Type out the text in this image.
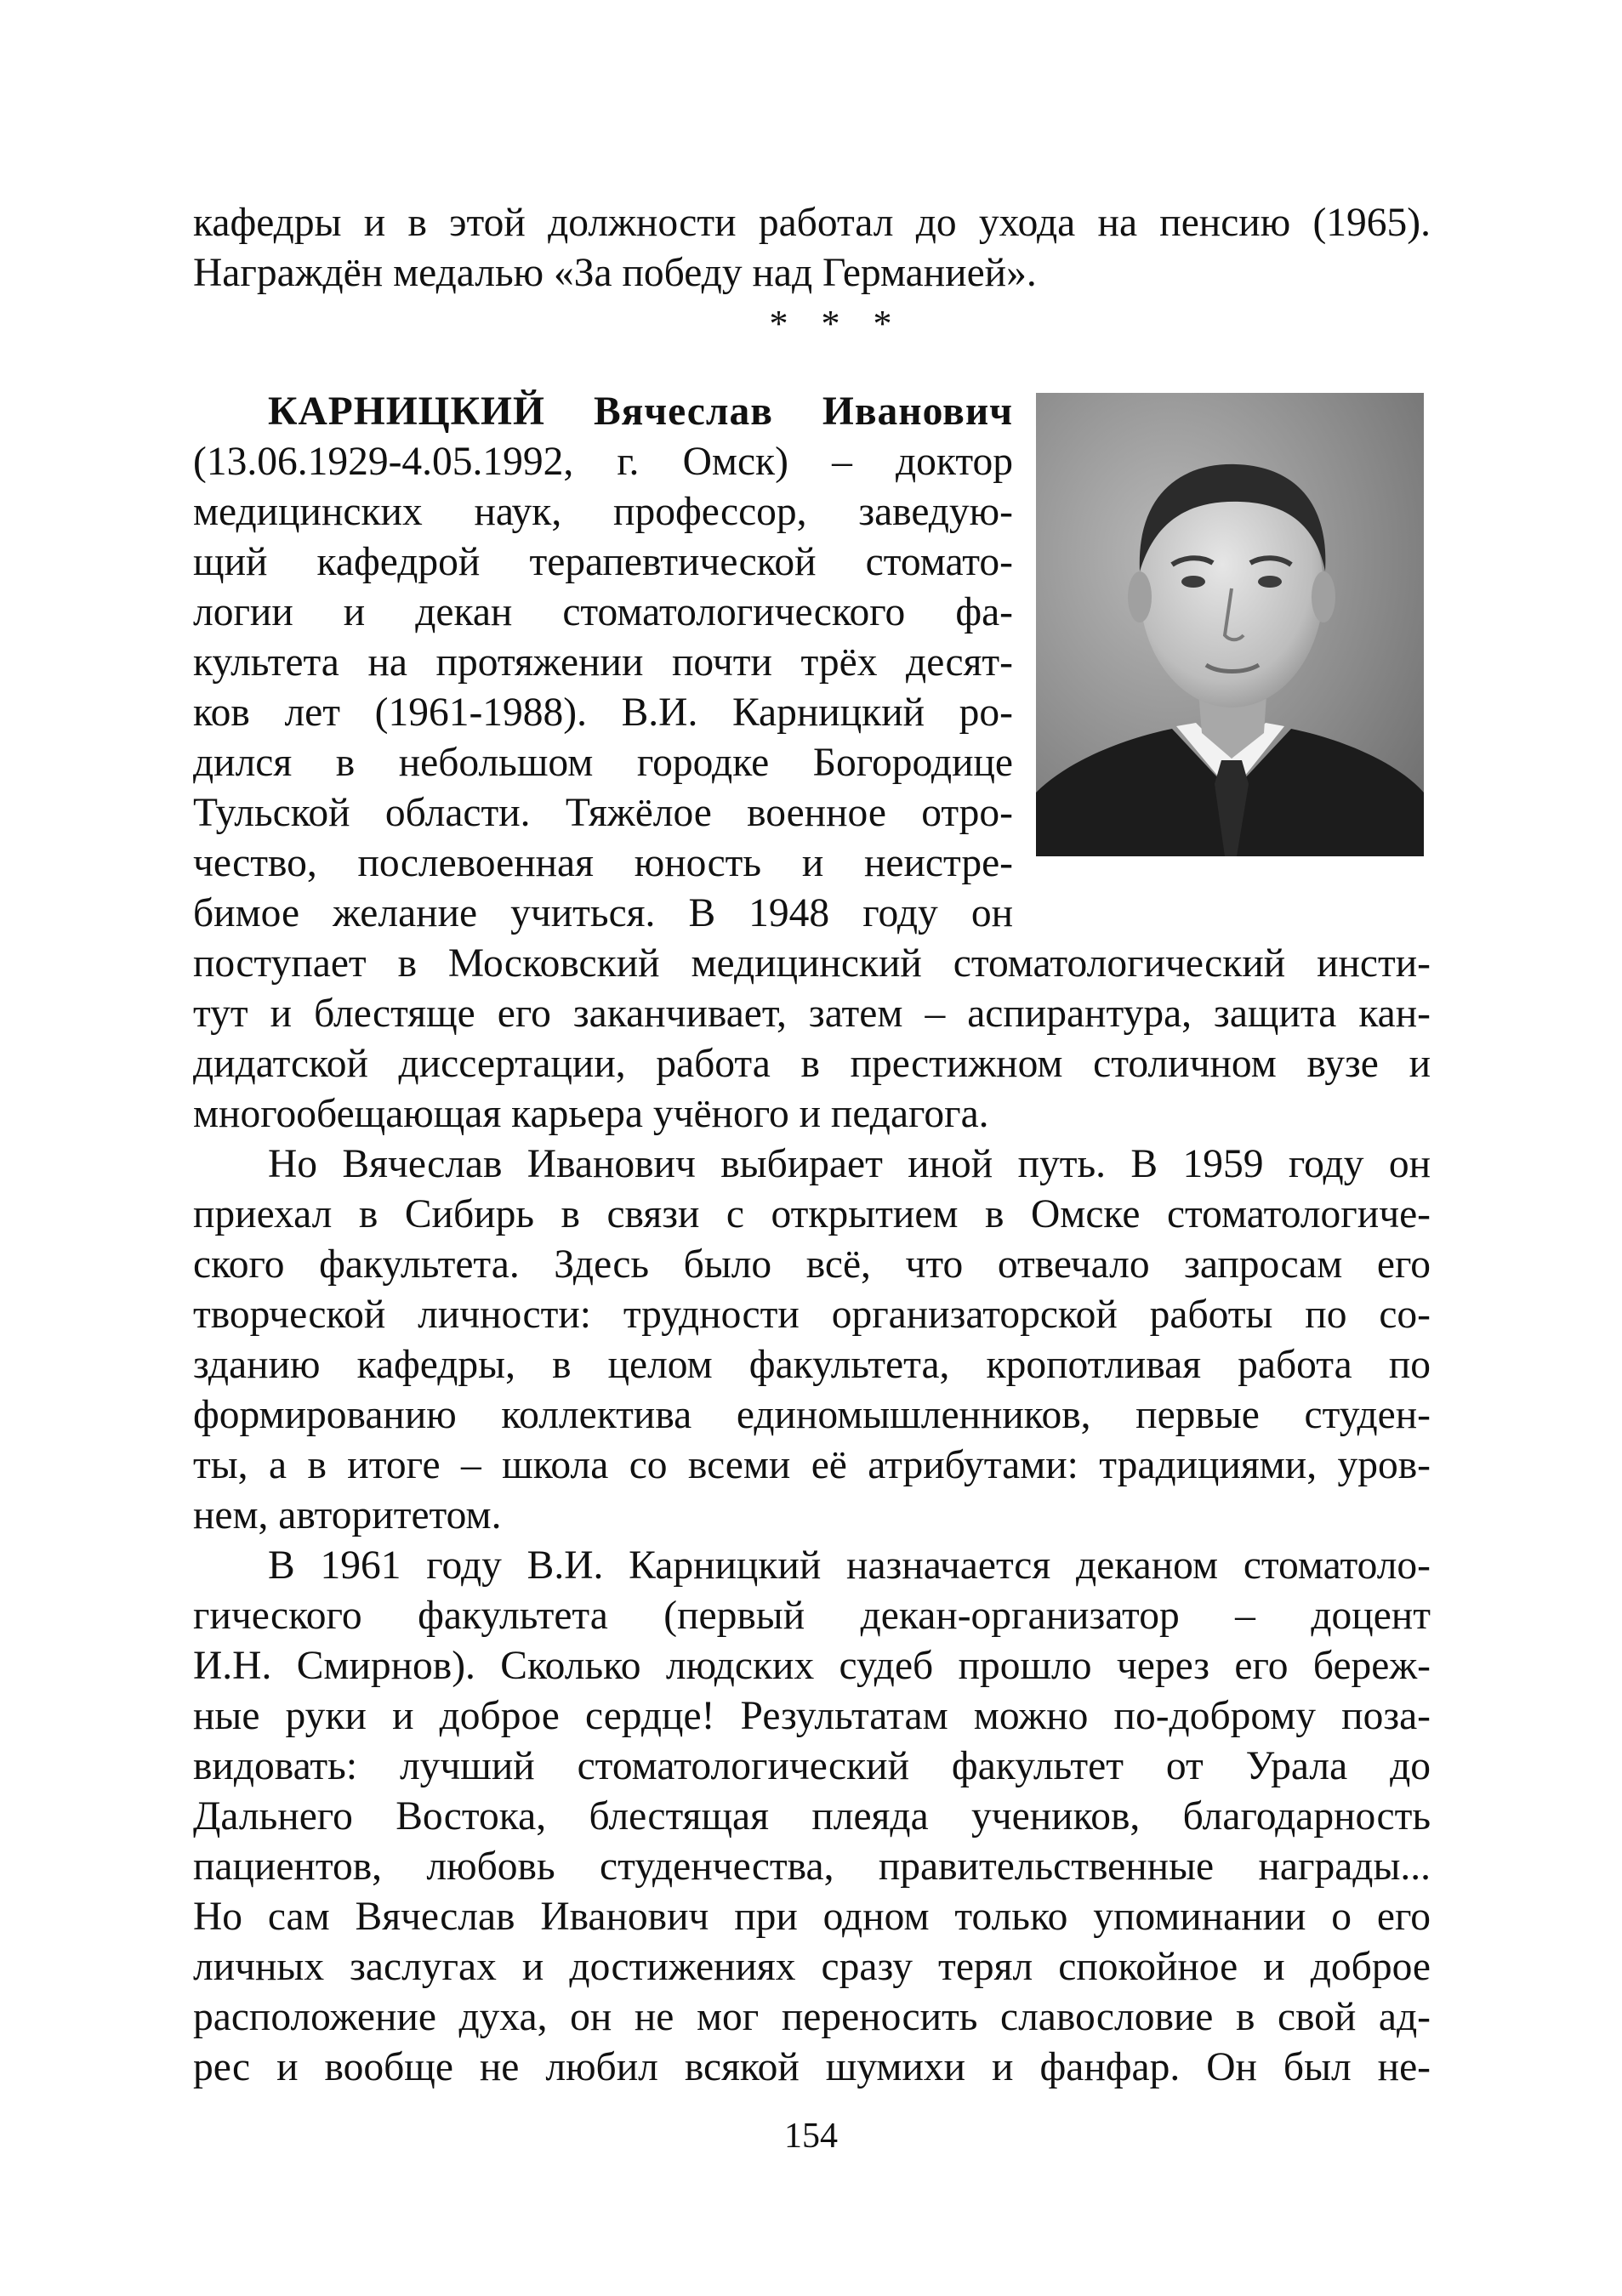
кафедры и в этой должности работал до ухода на пенсию (1965).
Награждён медалью «За победу над Германией».
* * *
КАРНИЦКИЙ Вячеслав Иванович
(13.06.1929-4.05.1992, г. Омск) – доктор
медицинских наук, профессор, заведую-
щий кафедрой терапевтической стомато-
логии и декан стоматологического фа-
культета на протяжении почти трёх десят-
ков лет (1961-1988). В.И. Карницкий ро-
дился в небольшом городке Богородице
Тульской области. Тяжёлое военное отро-
чество, послевоенная юность и неистре-
бимое желание учиться. В 1948 году он
поступает в Московский медицинский стоматологический инсти-
тут и блестяще его заканчивает, затем – аспирантура, защита кан-
дидатской диссертации, работа в престижном столичном вузе и
многообещающая карьера учёного и педагога.
Но Вячеслав Иванович выбирает иной путь. В 1959 году он
приехал в Сибирь в связи с открытием в Омске стоматологиче-
ского факультета. Здесь было всё, что отвечало запросам его
творческой личности: трудности организаторской работы по со-
зданию кафедры, в целом факультета, кропотливая работа по
формированию коллектива единомышленников, первые студен-
ты, а в итоге – школа со всеми её атрибутами: традициями, уров-
нем, авторитетом.
В 1961 году В.И. Карницкий назначается деканом стоматоло-
гического факультета (первый декан-организатор – доцент
И.Н. Смирнов). Сколько людских судеб прошло через его береж-
ные руки и доброе сердце! Результатам можно по-доброму поза-
видовать: лучший стоматологический факультет от Урала до
Дальнего Востока, блестящая плеяда учеников, благодарность
пациентов, любовь студенчества, правительственные награды...
Но сам Вячеслав Иванович при одном только упоминании о его
личных заслугах и достижениях сразу терял спокойное и доброе
расположение духа, он не мог переносить славословие в свой ад-
рес и вообще не любил всякой шумихи и фанфар. Он был не-
154
